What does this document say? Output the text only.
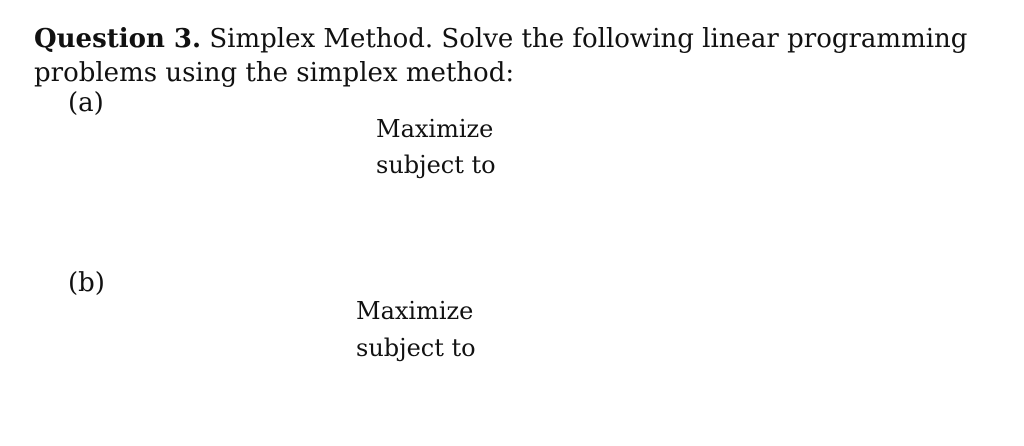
Question 3. Simplex Method. Solve the following linear programming problems using the simplex method:
(a)
Maximize
subject to
(b)
Maximize
subject to
